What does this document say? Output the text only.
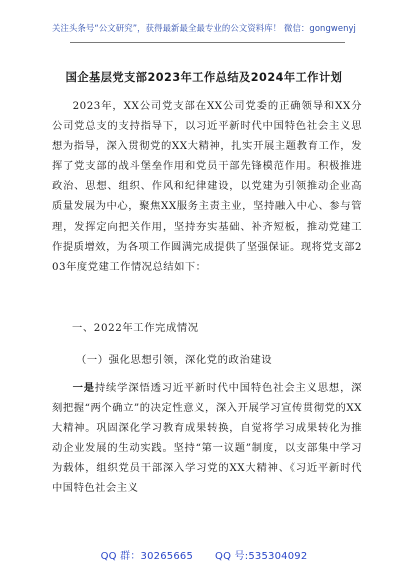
关注头条号“公文研究”，获得最新最全最专业的公文资料库！ 微信：gongwenyj
国企基层党支部2023年工作总结及2024年工作计划

2023年，XX公司党支部在XX公司党委的正确领导和XX分公司党总支的支持指导下，以习近平新时代中国特色社会主义思想为指导，深入贯彻党的XX大精神，扎实开展主题教育工作，发挥了党支部的战斗堡垒作用和党员干部先锋模范作用。积极推进政治、思想、组织、作风和纪律建设，以党建为引领推动企业高质量发展为中心，聚焦XX服务主责主业，坚持融入中心、参与管理，发挥定向把关作用，坚持夯实基础、补齐短板，推动党建工作提质增效，为各项工作圆满完成提供了坚强保证。现将党支部203年度党建工作情况总结如下：

一、2022年工作完成情况
（一）强化思想引领，深化党的政治建设

一是持续学深悟透习近平新时代中国特色社会主义思想，深刻把握“两个确立”的决定性意义，深入开展学习宣传贯彻党的XX大精神。巩固深化学习教育成果转换，自觉将学习成果转化为推动企业发展的生动实践。坚持“第一议题”制度，以支部集中学习为载体，组织党员干部深入学习党的XX大精神、《习近平新时代中国特色社会主义

QQ 群：30265665 QQ 号:535304092
